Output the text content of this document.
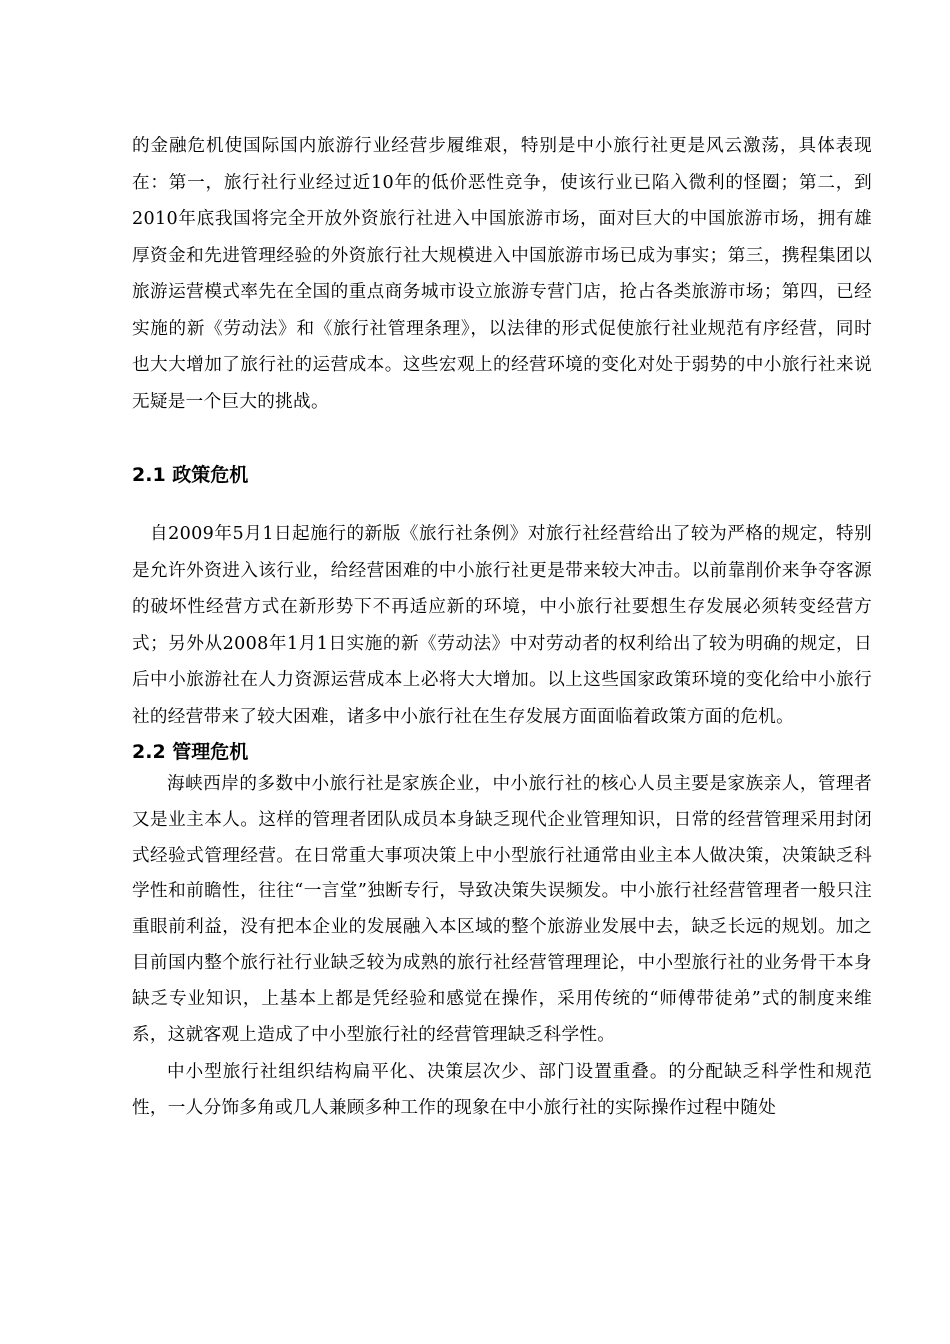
的金融危机使国际国内旅游行业经营步履维艰，特别是中小旅行社更是风云激荡，具体表现在：第一，旅行社行业经过近10年的低价恶性竞争，使该行业已陷入微利的怪圈；第二，到2010年底我国将完全开放外资旅行社进入中国旅游市场，面对巨大的中国旅游市场，拥有雄厚资金和先进管理经验的外资旅行社大规模进入中国旅游市场已成为事实；第三，携程集团以旅游运营模式率先在全国的重点商务城市设立旅游专营门店，抢占各类旅游市场；第四，已经实施的新《劳动法》和《旅行社管理条理》，以法律的形式促使旅行社业规范有序经营，同时也大大增加了旅行社的运营成本。这些宏观上的经营环境的变化对处于弱势的中小旅行社来说无疑是一个巨大的挑战。

2.1 政策危机

自2009年5月1日起施行的新版《旅行社条例》对旅行社经营给出了较为严格的规定，特别是允许外资进入该行业，给经营困难的中小旅行社更是带来较大冲击。以前靠削价来争夺客源的破坏性经营方式在新形势下不再适应新的环境，中小旅行社要想生存发展必须转变经营方式；另外从2008年1月1日实施的新《劳动法》中对劳动者的权利给出了较为明确的规定，日后中小旅游社在人力资源运营成本上必将大大增加。以上这些国家政策环境的变化给中小旅行社的经营带来了较大困难，诸多中小旅行社在生存发展方面面临着政策方面的危机。

2.2 管理危机

海峡西岸的多数中小旅行社是家族企业，中小旅行社的核心人员主要是家族亲人，管理者又是业主本人。这样的管理者团队成员本身缺乏现代企业管理知识，日常的经营管理采用封闭式经验式管理经营。在日常重大事项决策上中小型旅行社通常由业主本人做决策，决策缺乏科学性和前瞻性，往往“一言堂”独断专行，导致决策失误频发。中小旅行社经营管理者一般只注重眼前利益，没有把本企业的发展融入本区域的整个旅游业发展中去，缺乏长远的规划。加之目前国内整个旅行社行业缺乏较为成熟的旅行社经营管理理论，中小型旅行社的业务骨干本身缺乏专业知识，上基本上都是凭经验和感觉在操作，采用传统的“师傅带徒弟”式的制度来维系，这就客观上造成了中小型旅行社的经营管理缺乏科学性。

中小型旅行社组织结构扁平化、决策层次少、部门设置重叠。的分配缺乏科学性和规范性，一人分饰多角或几人兼顾多种工作的现象在中小旅行社的实际操作过程中随处
